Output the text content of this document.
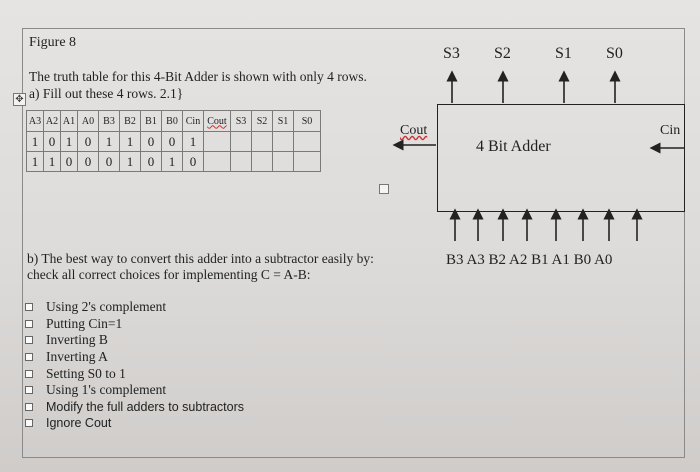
Figure 8
The truth table for this 4-Bit Adder is shown with only 4 rows.
a) Fill out these 4 rows. 2.1}
✥
A3	A2	A1	A0	B3	B2	B1	B0	Cin	Cout	S3	S2	S1	S0
1	0	1	0	1	1	0	0	1					
1	1	0	0	0	1	0	1	0					
4 Bit Adder
S3 S2	S1 S0
Cout	Cin
B3 A3 B2 A2 B1 A1 B0 A0
b) The best way to convert this adder into a subtractor easily by:
check all correct choices for implementing C = A-B:
Using 2's complement
Putting Cin=1
Inverting B
Inverting A
Setting S0 to 1
Using 1's complement
Modify the full adders to subtractors
Ignore Cout
